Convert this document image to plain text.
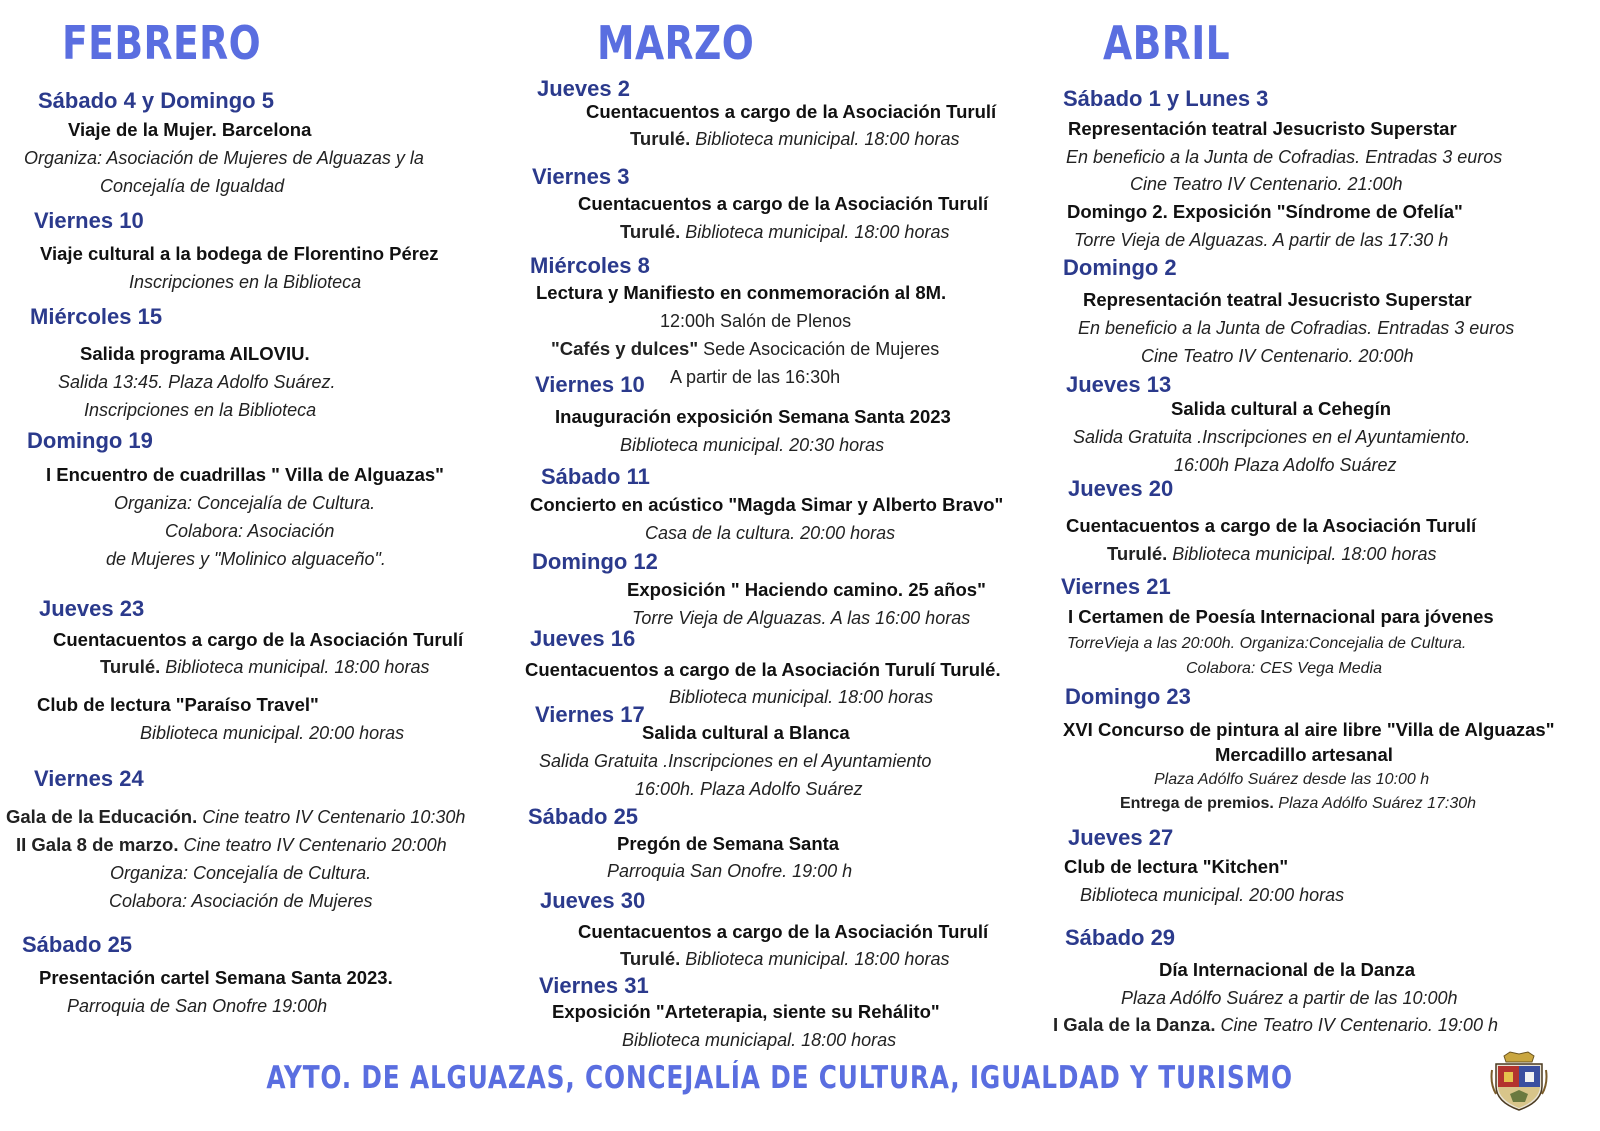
FEBRERO
Sábado 4 y Domingo 5
Viaje de la Mujer. Barcelona
Organiza: Asociación de Mujeres de Alguazas y la
Concejalía de Igualdad
Viernes 10
Viaje cultural a la bodega de Florentino Pérez
Inscripciones en la Biblioteca
Miércoles 15
Salida programa AILOVIU.
Salida 13:45. Plaza Adolfo Suárez.
Inscripciones en la Biblioteca
Domingo 19
I Encuentro de cuadrillas " Villa de Alguazas"
Organiza: Concejalía de Cultura.
Colabora: Asociación
de Mujeres y "Molinico alguaceño".
Jueves 23
Cuentacuentos a cargo de la Asociación Turulí
Turulé. Biblioteca municipal. 18:00 horas
Club de lectura "Paraíso Travel"
Biblioteca municipal. 20:00 horas
Viernes 24
Gala de la Educación. Cine teatro IV Centenario 10:30h
II Gala 8 de marzo. Cine teatro IV Centenario 20:00h
Organiza: Concejalía de Cultura.
Colabora: Asociación de Mujeres
Sábado 25
Presentación cartel Semana Santa 2023.
Parroquia de San Onofre 19:00h
MARZO
Jueves 2
Cuentacuentos a cargo de la Asociación Turulí
Turulé. Biblioteca municipal. 18:00 horas
Viernes 3
Cuentacuentos a cargo de la Asociación Turulí
Turulé. Biblioteca municipal. 18:00 horas
Miércoles 8
Lectura y Manifiesto en conmemoración al 8M.
12:00h Salón de Plenos
"Cafés y dulces" Sede Asocicación de Mujeres
Viernes 10 A partir de las 16:30h
Inauguración exposición Semana Santa 2023
Biblioteca municipal. 20:30 horas
Sábado 11
Concierto en acústico "Magda Simar y Alberto Bravo"
Casa de la cultura. 20:00 horas
Domingo 12
Exposición " Haciendo camino. 25 años"
Torre Vieja de Alguazas. A las 16:00 horas
Jueves 16
Cuentacuentos a cargo de la Asociación Turulí Turulé.
Biblioteca municipal. 18:00 horas
Viernes 17
Salida cultural a Blanca
Salida Gratuita .Inscripciones en el Ayuntamiento
16:00h. Plaza Adolfo Suárez
Sábado 25
Pregón de Semana Santa
Parroquia San Onofre. 19:00 h
Jueves 30
Cuentacuentos a cargo de la Asociación Turulí
Turulé. Biblioteca municipal. 18:00 horas
Viernes 31
Exposición "Arteterapia, siente su Rehálito"
Biblioteca municiapal. 18:00 horas
ABRIL
Sábado 1 y Lunes 3
Representación teatral Jesucristo Superstar
En beneficio a la Junta de Cofradias. Entradas 3 euros
Cine Teatro IV Centenario. 21:00h
Domingo 2. Exposición "Síndrome de Ofelía"
Torre Vieja de Alguazas. A partir de las 17:30 h
Domingo 2
Representación teatral Jesucristo Superstar
En beneficio a la Junta de Cofradias. Entradas 3 euros
Cine Teatro IV Centenario. 20:00h
Jueves 13
Salida cultural a Cehegín
Salida Gratuita .Inscripciones en el Ayuntamiento.
16:00h Plaza Adolfo Suárez
Jueves 20
Cuentacuentos a cargo de la Asociación Turulí
Turulé. Biblioteca municipal. 18:00 horas
Viernes 21
I Certamen de Poesía Internacional para jóvenes
TorreVieja a las 20:00h. Organiza:Concejalia de Cultura.
Colabora: CES Vega Media
Domingo 23
XVI Concurso de pintura al aire libre "Villa de Alguazas"
Mercadillo artesanal
Plaza Adólfo Suárez desde las 10:00 h
Entrega de premios. Plaza Adólfo Suárez 17:30h
Jueves 27
Club de lectura "Kitchen"
Biblioteca municipal. 20:00 horas
Sábado 29
Día Internacional de la Danza
Plaza Adólfo Suárez a partir de las 10:00h
I Gala de la Danza. Cine Teatro IV Centenario. 19:00 h
AYTO. DE ALGUAZAS, CONCEJALÍA DE CULTURA, IGUALDAD Y TURISMO
